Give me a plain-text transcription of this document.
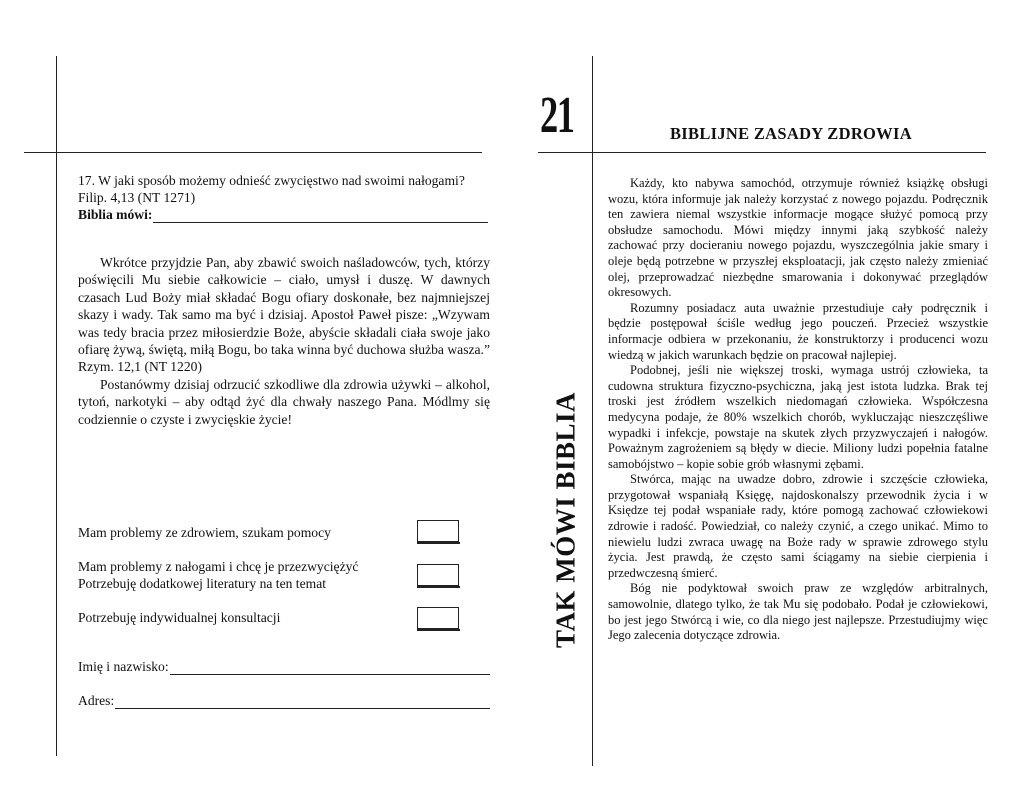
17. W jaki sposób możemy odnieść zwycięstwo nad swoimi nałogami? Filip. 4,13 (NT 1271)
Biblia mówi:

Wkrótce przyjdzie Pan, aby zbawić swoich naśladowców, tych, którzy poświęcili Mu siebie całkowicie – ciało, umysł i duszę. W dawnych czasach Lud Boży miał składać Bogu ofiary doskonałe, bez najmniejszej skazy i wady. Tak samo ma być i dzisiaj. Apostoł Paweł pisze: „Wzywam was tedy bracia przez miłosierdzie Boże, abyście składali ciała swoje jako ofiarę żywą, świętą, miłą Bogu, bo taka winna być duchowa służba wasza.” Rzym. 12,1 (NT 1220)

Postanówmy dzisiaj odrzucić szkodliwe dla zdrowia używki – alkohol, tytoń, narkotyki – aby odtąd żyć dla chwały naszego Pana. Módlmy się codziennie o czyste i zwycięskie życie!

Mam problemy ze zdrowiem, szukam pomocy
Mam problemy z nałogami i chcę je przezwyciężyć
Potrzebuję dodatkowej literatury na ten temat
Potrzebuję indywidualnej konsultacji
Imię i nazwisko:
Adres:
21	BIBLIJNE ZASADY ZDROWIA
TAK MÓWI BIBLIA

Każdy, kto nabywa samochód, otrzymuje również książkę obsługi wozu, która informuje jak należy korzystać z nowego pojazdu. Podręcznik ten zawiera niemal wszystkie informacje mogące służyć pomocą przy obsłudze samochodu. Mówi między innymi jaką szybkość należy zachować przy docieraniu nowego pojazdu, wyszczególnia jakie smary i oleje będą potrzebne w przyszłej eksploatacji, jak często należy zmieniać olej, przeprowadzać niezbędne smarowania i dokonywać przeglądów okresowych.

Rozumny posiadacz auta uważnie przestudiuje cały podręcznik i będzie postępował ściśle według jego pouczeń. Przecież wszystkie informacje odbiera w przekonaniu, że konstruktorzy i producenci wozu wiedzą w jakich warunkach będzie on pracował najlepiej.

Podobnej, jeśli nie większej troski, wymaga ustrój człowieka, ta cudowna struktura fizyczno-psychiczna, jaką jest istota ludzka. Brak tej troski jest źródłem wszelkich niedomagań człowieka. Współczesna medycyna podaje, że 80% wszelkich chorób, wykluczając nieszczęśliwe wypadki i infekcje, powstaje na skutek złych przyzwyczajeń i nałogów. Poważnym zagrożeniem są błędy w diecie. Miliony ludzi popełnia fatalne samobójstwo – kopie sobie grób własnymi zębami.

Stwórca, mając na uwadze dobro, zdrowie i szczęście człowieka, przygotował wspaniałą Księgę, najdoskonalszy przewodnik życia i w Księdze tej podał wspaniałe rady, które pomogą zachować człowiekowi zdrowie i radość. Powiedział, co należy czynić, a czego unikać. Mimo to niewielu ludzi zwraca uwagę na Boże rady w sprawie zdrowego stylu życia. Jest prawdą, że często sami ściągamy na siebie cierpienia i przedwczesną śmierć.

Bóg nie podyktował swoich praw ze względów arbitralnych, samowolnie, dlatego tylko, że tak Mu się podobało. Podał je człowiekowi, bo jest jego Stwórcą i wie, co dla niego jest najlepsze. Przestudiujmy więc Jego zalecenia dotyczące zdrowia.
